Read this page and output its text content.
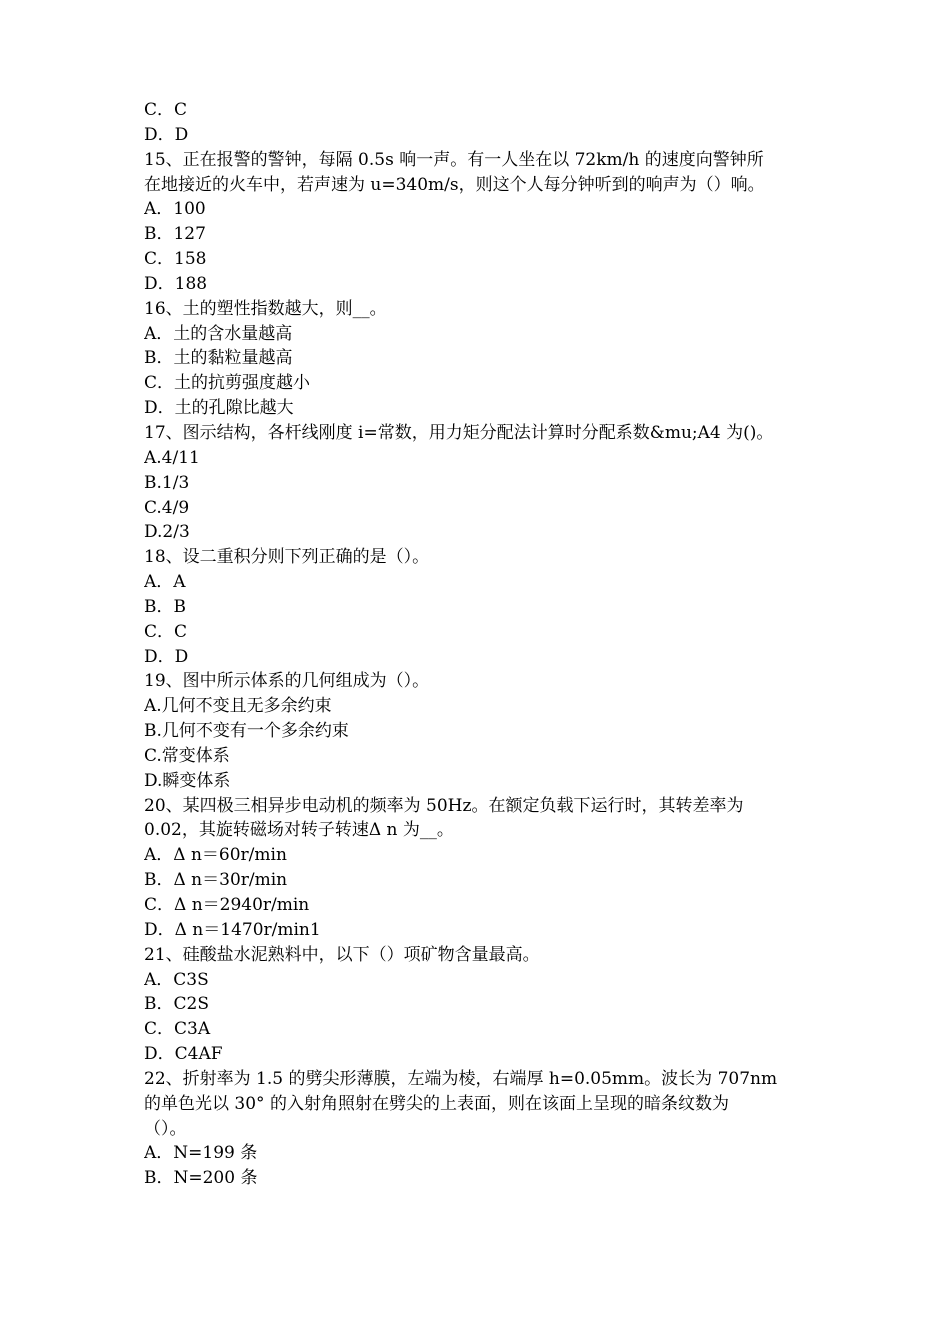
C．C
D．D
15、正在报警的警钟，每隔 0.5s 响一声。有一人坐在以 72km/h 的速度向警钟所
在地接近的火车中，若声速为 u=340m/s，则这个人每分钟听到的响声为（）响。
A．100
B．127
C．158
D．188
16、土的塑性指数越大，则__。
A．土的含水量越高
B．土的黏粒量越高
C．土的抗剪强度越小
D．土的孔隙比越大
17、图示结构，各杆线刚度 i=常数，用力矩分配法计算时分配系数&mu;A4 为()。
A.4/11
B.1/3
C.4/9
D.2/3
18、设二重积分则下列正确的是（）。
A．A
B．B
C．C
D．D
19、图中所示体系的几何组成为（）。
A.几何不变且无多余约束
B.几何不变有一个多余约束
C.常变体系
D.瞬变体系
20、某四极三相异步电动机的频率为 50Hz。在额定负载下运行时，其转差率为
0.02，其旋转磁场对转子转速Δ n 为__。
A．Δ n＝60r/min
B．Δ n＝30r/min
C．Δ n＝2940r/min
D．Δ n＝1470r/min1
21、硅酸盐水泥熟料中，以下（）项矿物含量最高。
A．C3S
B．C2S
C．C3A
D．C4AF
22、折射率为 1.5 的劈尖形薄膜，左端为棱，右端厚 h=0.05mm。波长为 707nm
的单色光以 30° 的入射角照射在劈尖的上表面，则在该面上呈现的暗条纹数为
（）。
A．N=199 条
B．N=200 条
